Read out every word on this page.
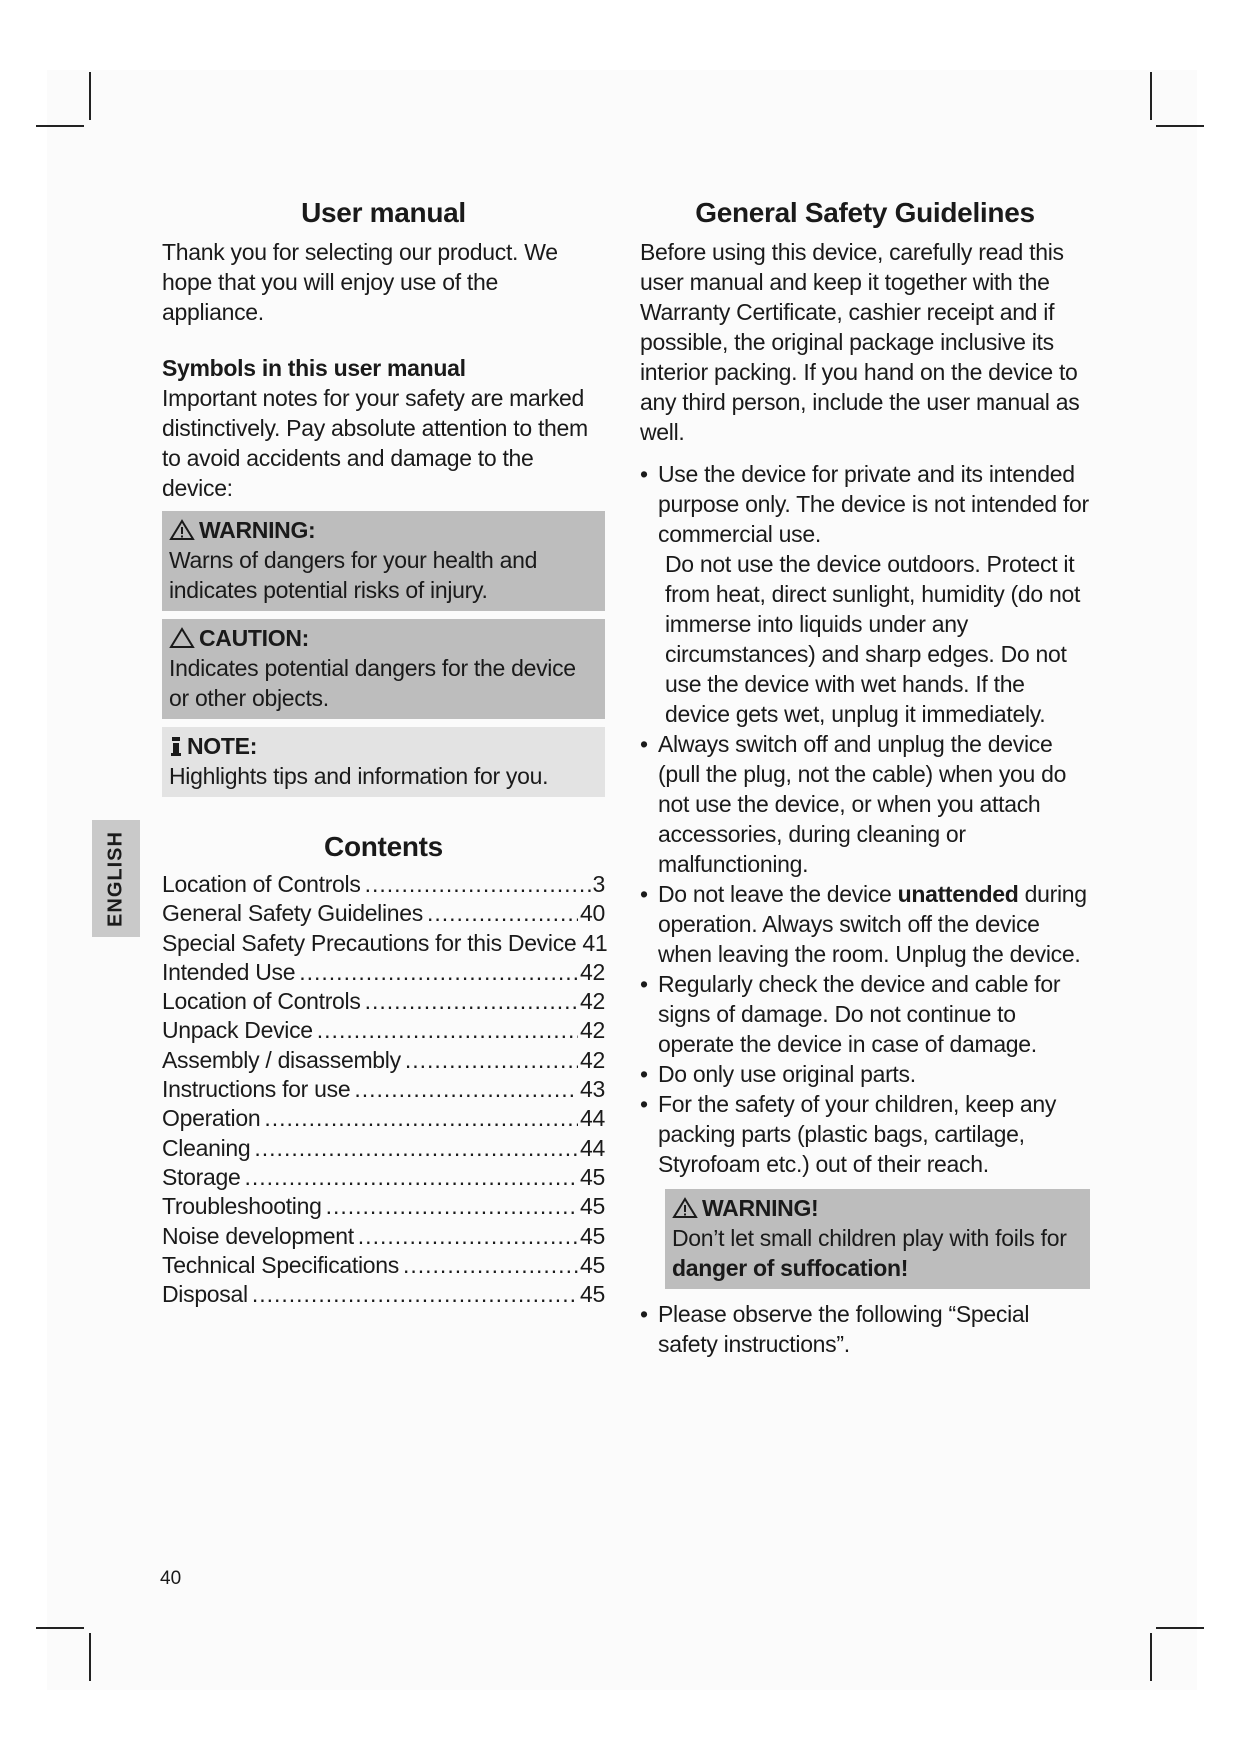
ENGLISH
User manual

Thank you for selecting our product. We hope that you will enjoy use of the appliance.

Symbols in this user manual

Important notes for your safety are marked distinctively. Pay absolute attention to them to avoid accidents and damage to the device:

WARNING:

Warns of dangers for your health and indicates potential risks of injury.

CAUTION:

Indicates potential dangers for the device or other objects.

NOTE:

Highlights tips and information for you.

Contents
Location of Controls .....	3
General Safety Guidelines .....	40
Special Safety Precautions for this Device 41
Intended Use .....	42
Location of Controls .....	42
Unpack Device .....	42
Assembly / disassembly .....	42
Instructions for use .....	43
Operation .....	44
Cleaning .....	44
Storage .....	45
Troubleshooting .....	45
Noise development .....	45
Technical Specifications .....	45
Disposal .....	45
General Safety Guidelines

Before using this device, carefully read this user manual and keep it together with the Warranty Certificate, cashier receipt and if possible, the original package inclusive its interior packing. If you hand on the device to any third person, include the user manual as well.

• Use the device for private and its intended purpose only. The device is not intended for commercial use.
Do not use the device outdoors. Protect it from heat, direct sunlight, humidity (do not immerse into liquids under any circumstances) and sharp edges. Do not use the device with wet hands. If the device gets wet, unplug it immediately.
• Always switch off and unplug the device (pull the plug, not the cable) when you do not use the device, or when you attach accessories, during cleaning or malfunctioning.
• Do not leave the device unattended during operation. Always switch off the device when leaving the room. Unplug the device.
• Regularly check the device and cable for signs of damage. Do not continue to operate the device in case of damage.
• Do only use original parts.
• For the safety of your children, keep any packing parts (plastic bags, cartilage, Styrofoam etc.) out of their reach.
WARNING!

Don’t let small children play with foils for

danger of suffocation!

• Please observe the following “Special safety instructions”.
40
